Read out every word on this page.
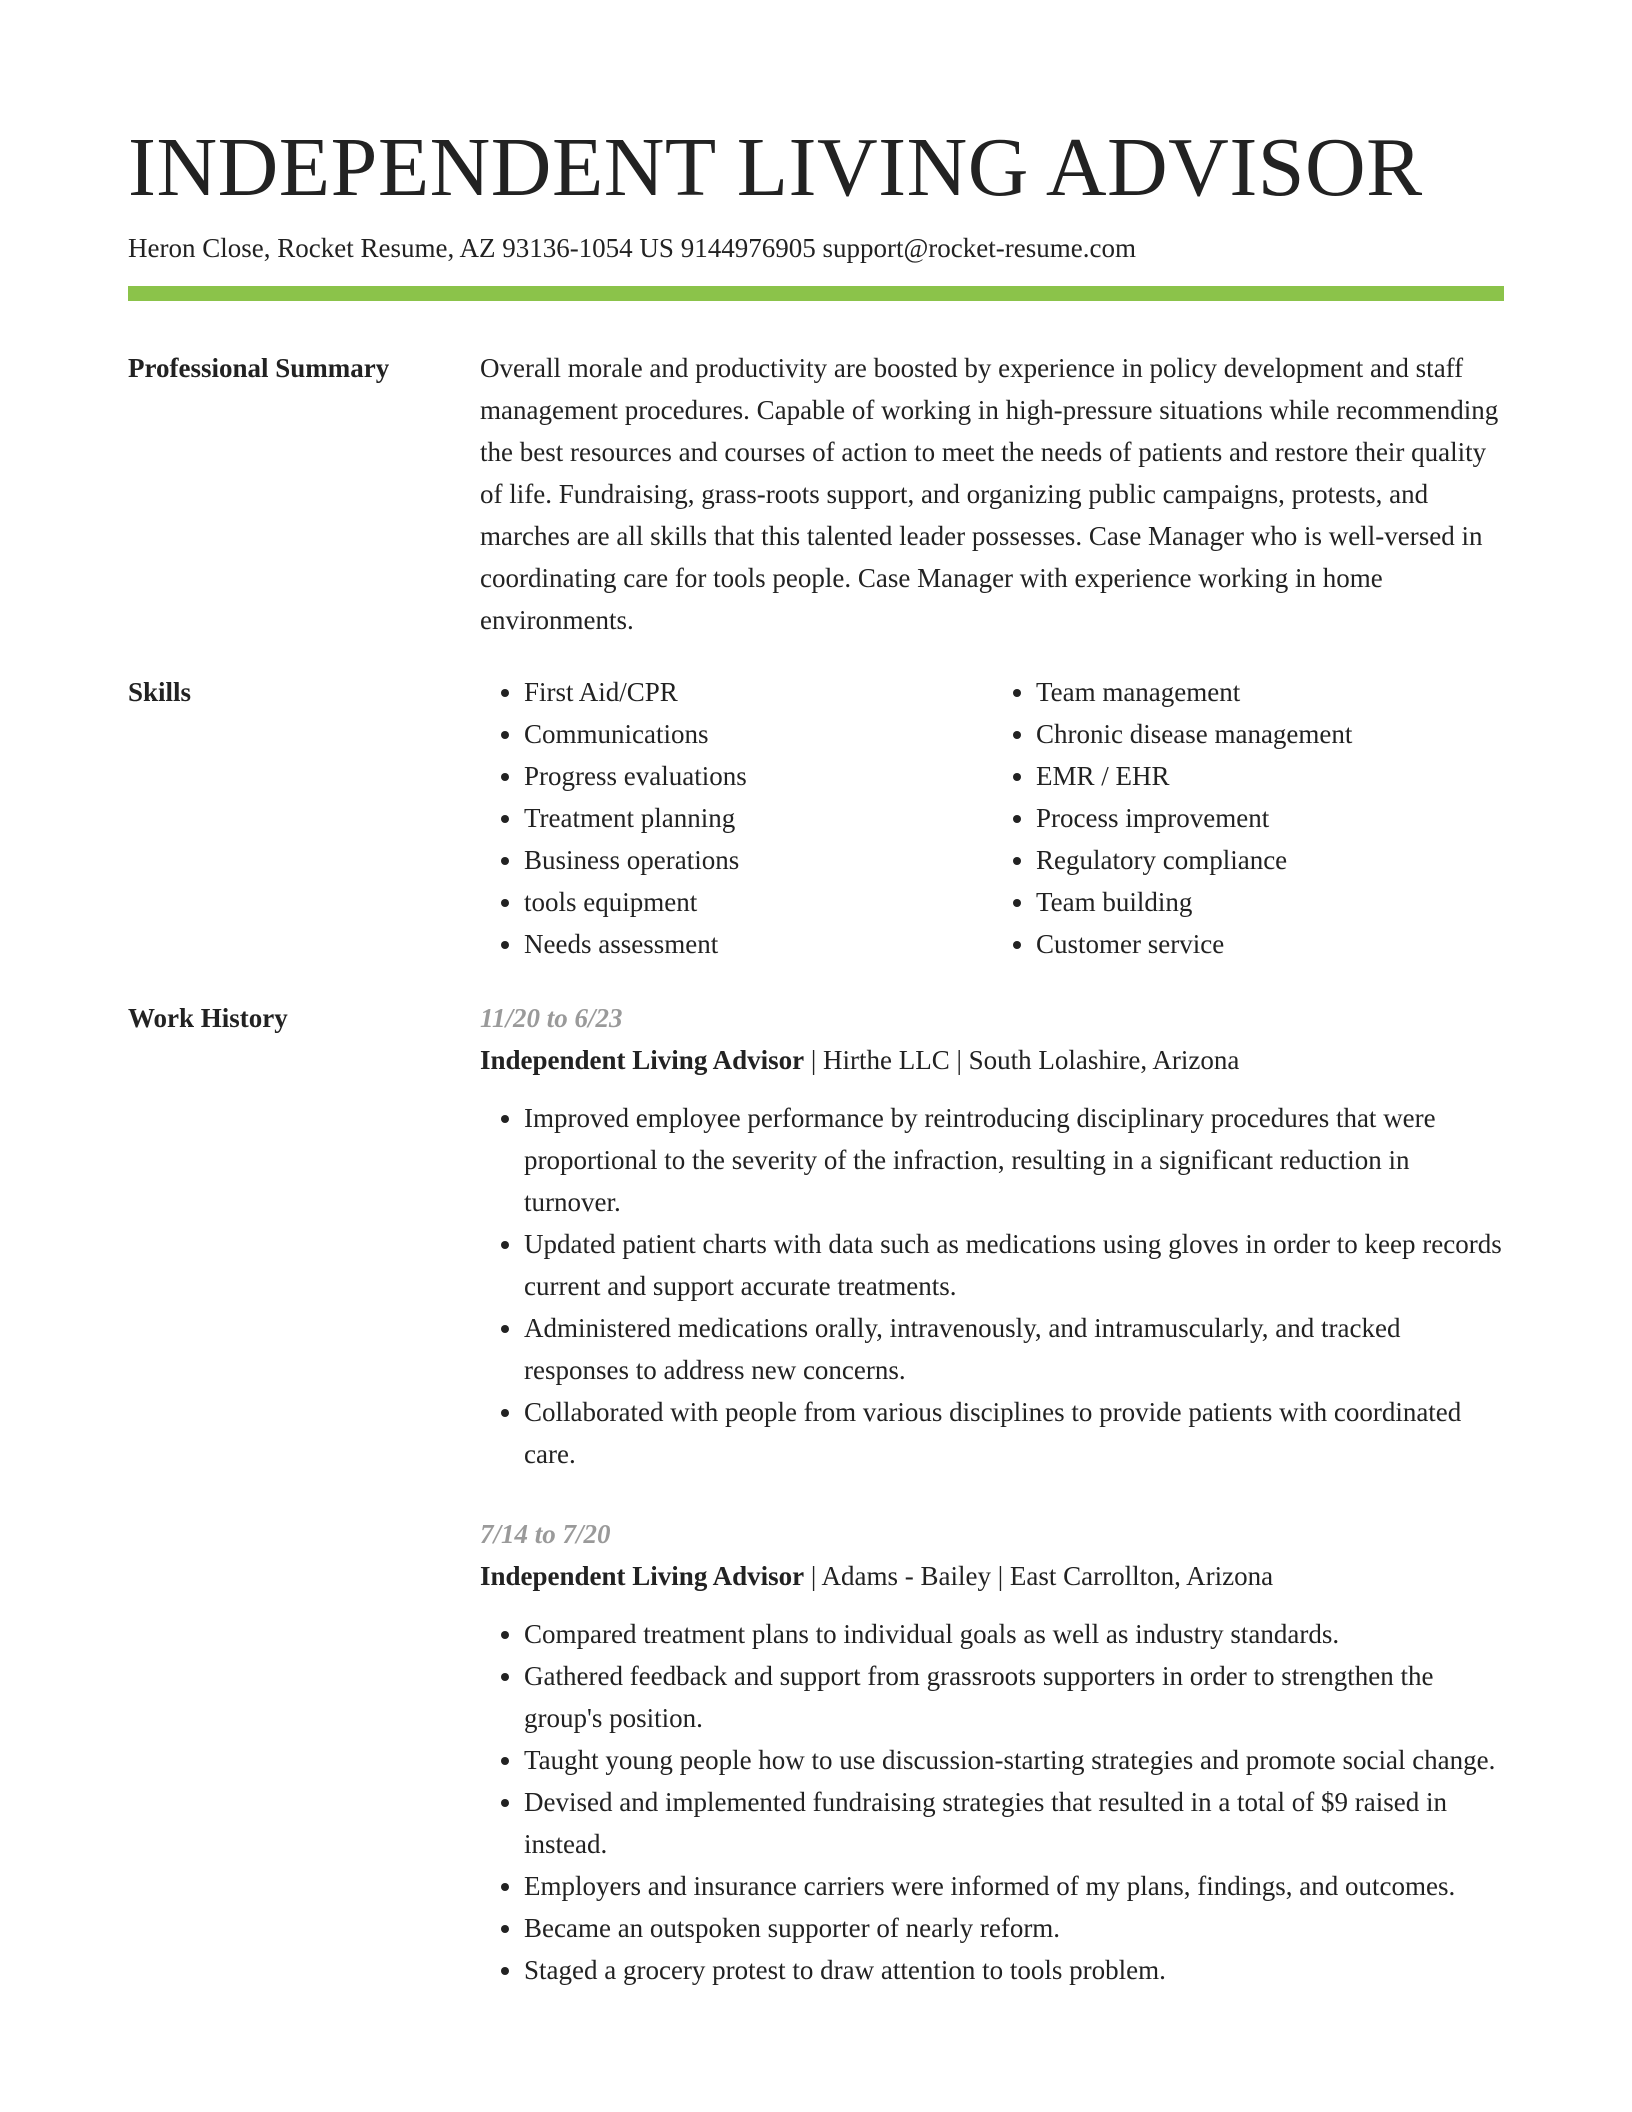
INDEPENDENT LIVING ADVISOR
Heron Close, Rocket Resume, AZ 93136-1054 US 9144976905 support@rocket-resume.com
Professional Summary	Overall morale and productivity are boosted by experience in policy development and staff management procedures. Capable of working in high-pressure situations while recommending the best resources and courses of action to meet the needs of patients and restore their quality of life. Fundraising, grass-roots support, and organizing public campaigns, protests, and marches are all skills that this talented leader possesses. Case Manager who is well-versed in coordinating care for tools people. Case Manager with experience working in home environments.

Skills
•	First Aid/CPR
• Communications
• Progress evaluations
• Treatment planning
• Business operations
• tools equipment
• Needs assessment
• Team management
• Chronic disease management
• EMR / EHR
• Process improvement
• Regulatory compliance
• Team building
• Customer service
Work History	11/20 to 6/23
Independent Living Advisor | Hirthe LLC | South Lolashire, Arizona
• Improved employee performance by reintroducing disciplinary procedures that were proportional to the severity of the infraction, resulting in a significant reduction in turnover.
• Updated patient charts with data such as medications using gloves in order to keep records current and support accurate treatments.
• Administered medications orally, intravenously, and intramuscularly, and tracked responses to address new concerns.
• Collaborated with people from various disciplines to provide patients with coordinated care.
7/14 to 7/20
Independent Living Advisor | Adams - Bailey | East Carrollton, Arizona
• Compared treatment plans to individual goals as well as industry standards.
• Gathered feedback and support from grassroots supporters in order to strengthen the group's position.
• Taught young people how to use discussion-starting strategies and promote social change.
• Devised and implemented fundraising strategies that resulted in a total of $9 raised in instead.
• Employers and insurance carriers were informed of my plans, findings, and outcomes.
• Became an outspoken supporter of nearly reform.
• Staged a grocery protest to draw attention to tools problem.
